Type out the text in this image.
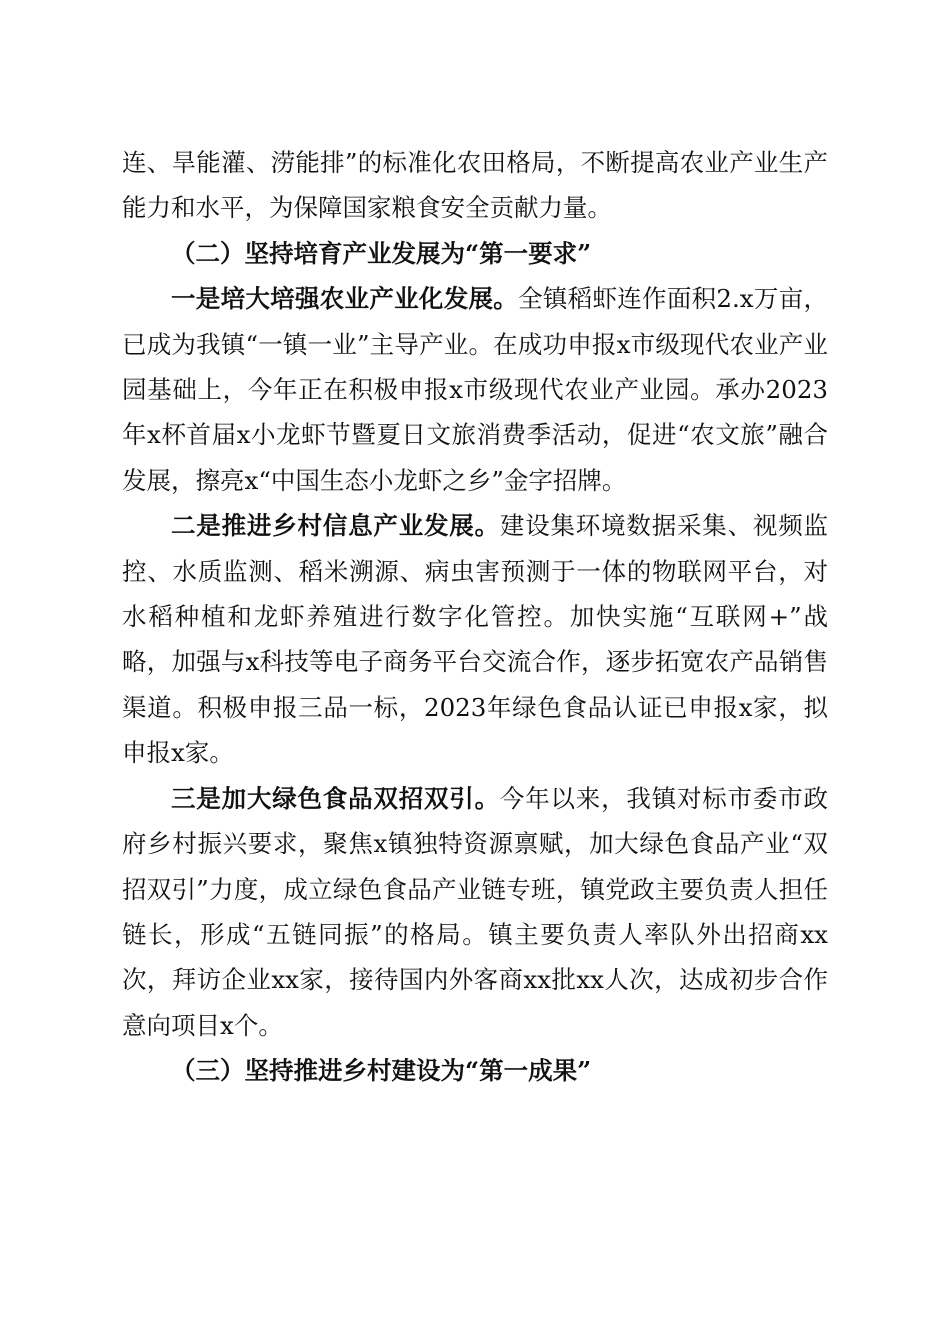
连、旱能灌、涝能排”的标准化农田格局，不断提高农业产业生产能力和水平，为保障国家粮食安全贡献力量。

（二）坚持培育产业发展为“第一要求”

一是培大培强农业产业化发展。全镇稻虾连作面积2.x万亩，已成为我镇“一镇一业”主导产业。在成功申报x市级现代农业产业园基础上，今年正在积极申报x市级现代农业产业园。承办2023年x杯首届x小龙虾节暨夏日文旅消费季活动，促进“农文旅”融合发展，擦亮x“中国生态小龙虾之乡”金字招牌。

二是推进乡村信息产业发展。建设集环境数据采集、视频监控、水质监测、稻米溯源、病虫害预测于一体的物联网平台，对水稻种植和龙虾养殖进行数字化管控。加快实施“互联网+”战略，加强与x科技等电子商务平台交流合作，逐步拓宽农产品销售渠道。积极申报三品一标，2023年绿色食品认证已申报x家，拟申报x家。

三是加大绿色食品双招双引。今年以来，我镇对标市委市政府乡村振兴要求，聚焦x镇独特资源禀赋，加大绿色食品产业“双招双引”力度，成立绿色食品产业链专班，镇党政主要负责人担任链长，形成“五链同振”的格局。镇主要负责人率队外出招商xx次，拜访企业xx家，接待国内外客商xx批xx人次，达成初步合作意向项目x个。

（三）坚持推进乡村建设为“第一成果”
